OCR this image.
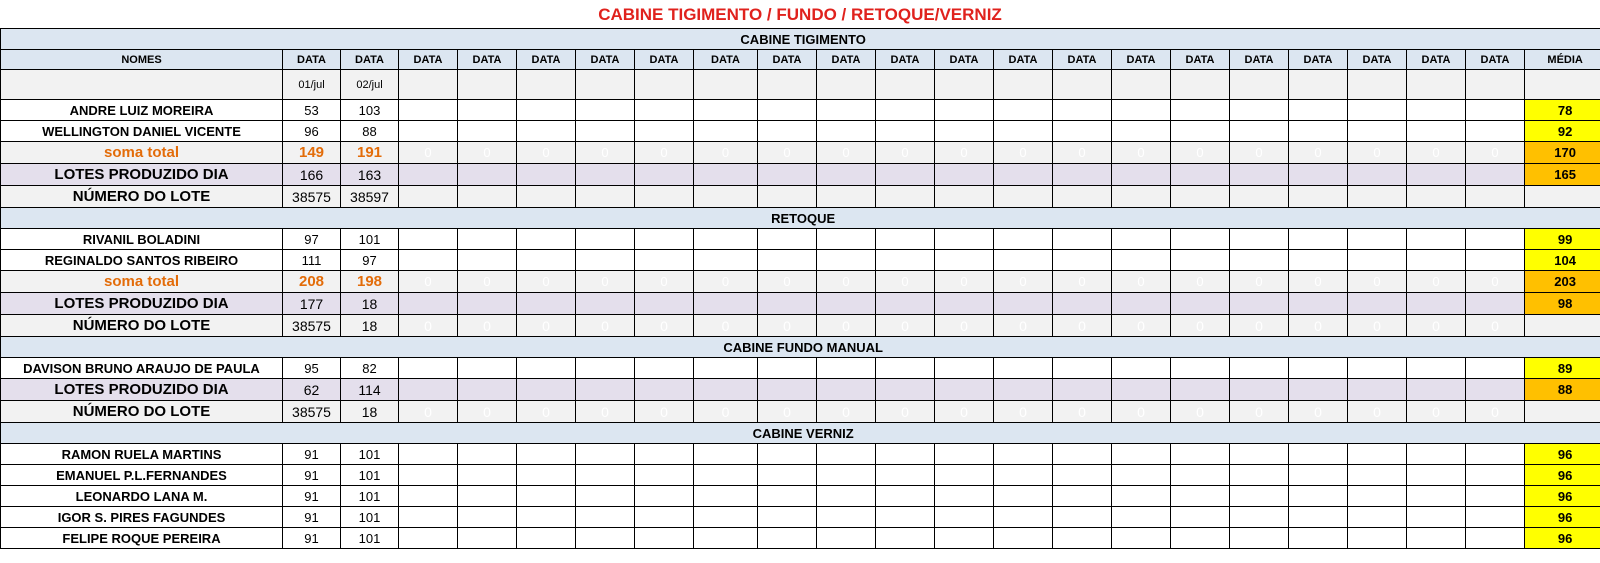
CABINE TIGIMENTO / FUNDO / RETOQUE/VERNIZ
CABINE TIGIMENTO																						
NOMES	DATA	DATA	DATA	DATA	DATA	DATA	DATA	DATA	DATA	DATA	DATA	DATA	DATA	DATA	DATA	DATA	DATA	DATA	DATA	DATA	DATA	MÉDIA
	01/jul	02/jul																				
ANDRE LUIZ MOREIRA	53	103																				78
WELLINGTON DANIEL VICENTE	96	88																				92
soma total	149	191	0	0	0	0	0	0	0	0	0	0	0	0	0	0	0	0	0	0	0	170
LOTES PRODUZIDO DIA	166	163																				165
NÚMERO DO LOTE	38575	38597																				
RETOQUE																						
RIVANIL BOLADINI	97	101																				99
REGINALDO SANTOS RIBEIRO	111	97																				104
soma total	208	198	0	0	0	0	0	0	0	0	0	0	0	0	0	0	0	0	0	0	0	203
LOTES PRODUZIDO DIA	177	18																				98
NÚMERO DO LOTE	38575	18	0	0	0	0	0	0	0	0	0	0	0	0	0	0	0	0	0	0	0	
CABINE FUNDO MANUAL																						
DAVISON BRUNO ARAUJO DE PAULA	95	82																				89
LOTES PRODUZIDO DIA	62	114																				88
NÚMERO DO LOTE	38575	18	0	0	0	0	0	0	0	0	0	0	0	0	0	0	0	0	0	0	0	
CABINE VERNIZ																						
RAMON RUELA MARTINS	91	101																				96
EMANUEL P.L.FERNANDES	91	101																				96
LEONARDO LANA M.	91	101																				96
IGOR S. PIRES FAGUNDES	91	101																				96
FELIPE ROQUE PEREIRA	91	101																				96
